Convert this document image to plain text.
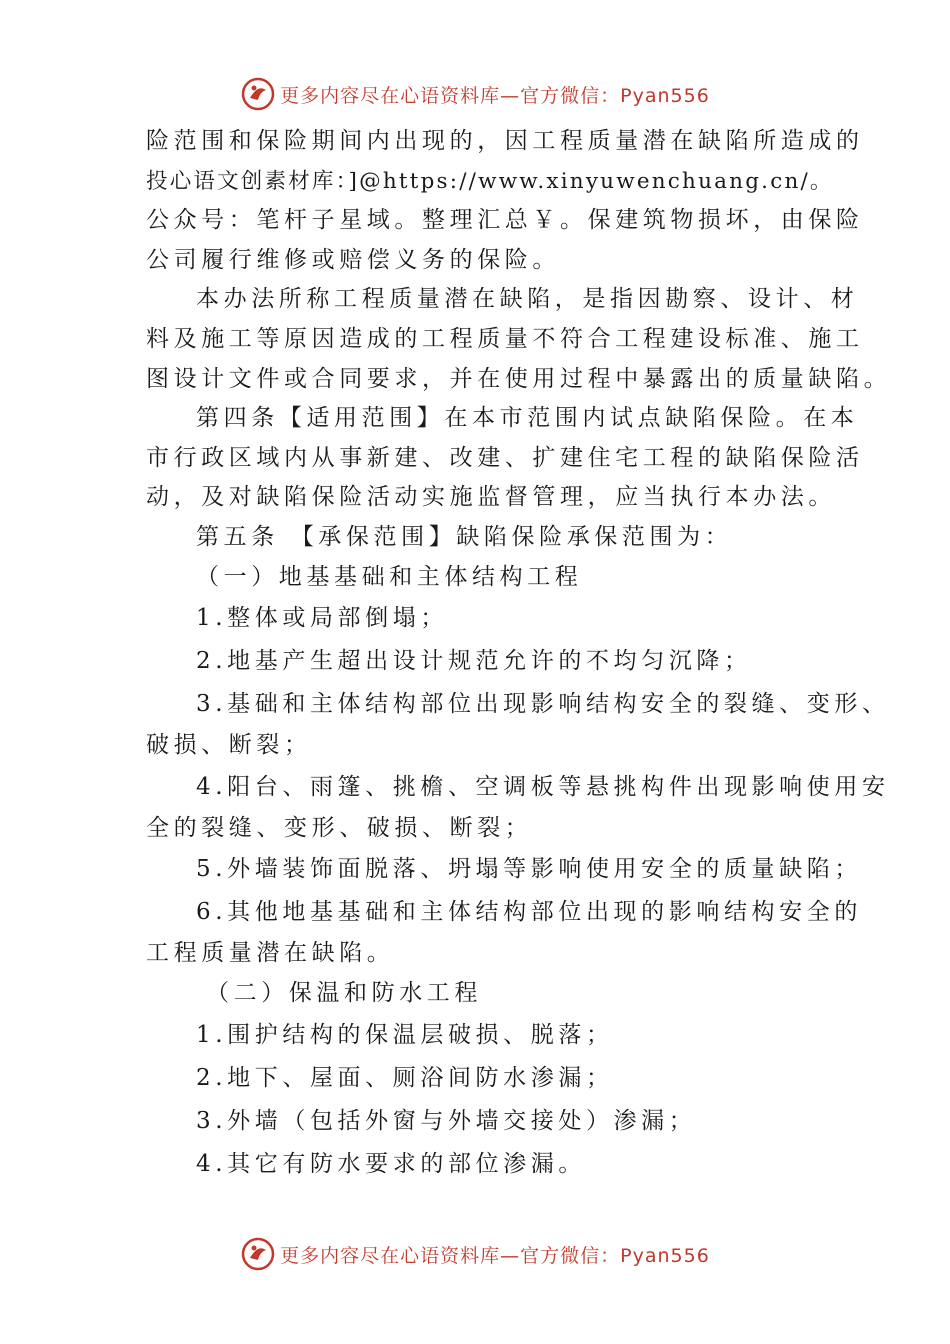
更多内容尽在心语资料库—官方微信：Pyan556
险范围和保险期间内出现的，因工程质量潜在缺陷所造成的
投心语文创素材库：]@https://www.xinyuwenchuang.cn/。
公众号：笔杆子星域。整理汇总￥。保建筑物损坏，由保险
公司履行维修或赔偿义务的保险。
本办法所称工程质量潜在缺陷，是指因勘察、设计、材
料及施工等原因造成的工程质量不符合工程建设标准、施工
图设计文件或合同要求，并在使用过程中暴露出的质量缺陷。
第四条【适用范围】在本市范围内试点缺陷保险。在本
市行政区域内从事新建、改建、扩建住宅工程的缺陷保险活
动，及对缺陷保险活动实施监督管理，应当执行本办法。
第五条 【承保范围】缺陷保险承保范围为：
（一）地基基础和主体结构工程
1.整体或局部倒塌；
2.地基产生超出设计规范允许的不均匀沉降；
3.基础和主体结构部位出现影响结构安全的裂缝、变形、
破损、断裂；
4.阳台、雨篷、挑檐、空调板等悬挑构件出现影响使用安
全的裂缝、变形、破损、断裂；
5.外墙装饰面脱落、坍塌等影响使用安全的质量缺陷；
6.其他地基基础和主体结构部位出现的影响结构安全的
工程质量潜在缺陷。
（二）保温和防水工程
1.围护结构的保温层破损、脱落；
2.地下、屋面、厕浴间防水渗漏；
3.外墙（包括外窗与外墙交接处）渗漏；
4.其它有防水要求的部位渗漏。
更多内容尽在心语资料库—官方微信：Pyan556
